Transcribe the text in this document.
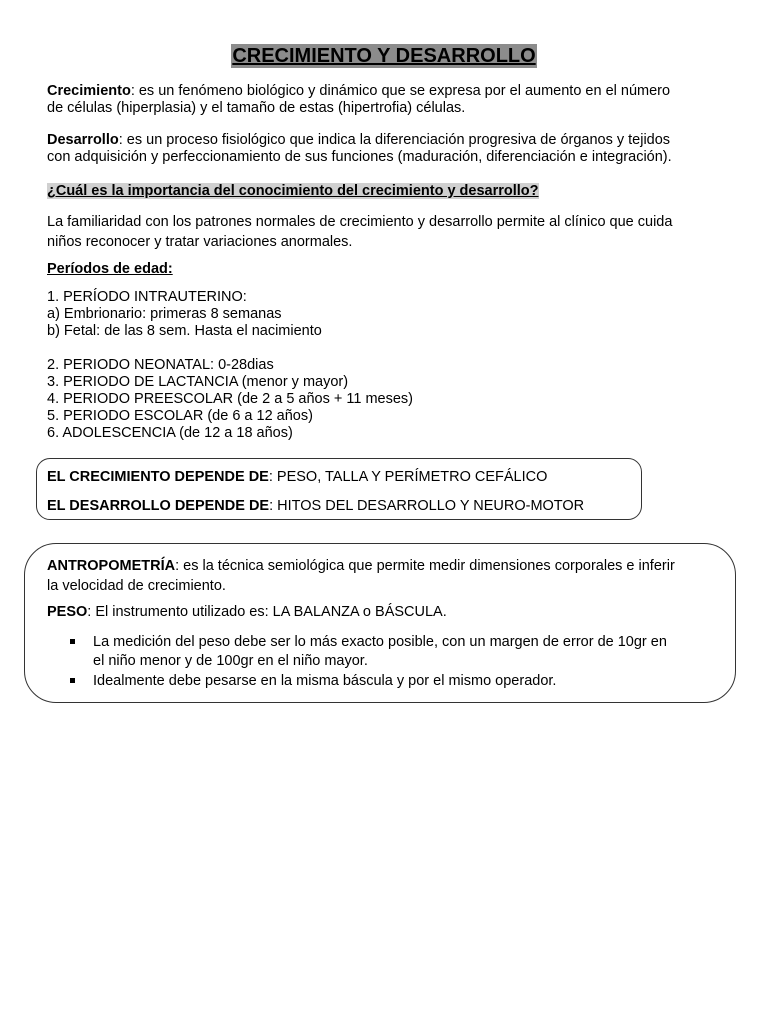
CRECIMIENTO Y DESARROLLO
Crecimiento: es un fenómeno biológico y dinámico que se expresa por el aumento en el número
de células (hiperplasia) y el tamaño de estas (hipertrofia) células.
Desarrollo: es un proceso fisiológico que indica la diferenciación progresiva de órganos y tejidos
con adquisición y perfeccionamiento de sus funciones (maduración, diferenciación e integración).
¿Cuál es la importancia del conocimiento del crecimiento y desarrollo?
La familiaridad con los patrones normales de crecimiento y desarrollo permite al clínico que cuida
niños reconocer y tratar variaciones anormales.
Períodos de edad:
1. PERÍODO INTRAUTERINO:
a) Embrionario: primeras 8 semanas
b) Fetal: de las 8 sem. Hasta el nacimiento
2. PERIODO NEONATAL: 0-28dias
3. PERIODO DE LACTANCIA (menor y mayor)
4. PERIODO PREESCOLAR (de 2 a 5 años + 11 meses)
5. PERIODO ESCOLAR (de 6 a 12 años)
6. ADOLESCENCIA (de 12 a 18 años)
EL CRECIMIENTO DEPENDE DE: PESO, TALLA Y PERÍMETRO CEFÁLICO
EL DESARROLLO DEPENDE DE: HITOS DEL DESARROLLO Y NEURO-MOTOR
ANTROPOMETRÍA: es la técnica semiológica que permite medir dimensiones corporales e inferir
la velocidad de crecimiento.
PESO: El instrumento utilizado es: LA BALANZA o BÁSCULA.
La medición del peso debe ser lo más exacto posible, con un margen de error de 10gr en
el niño menor y de 100gr en el niño mayor.
Idealmente debe pesarse en la misma báscula y por el mismo operador.
